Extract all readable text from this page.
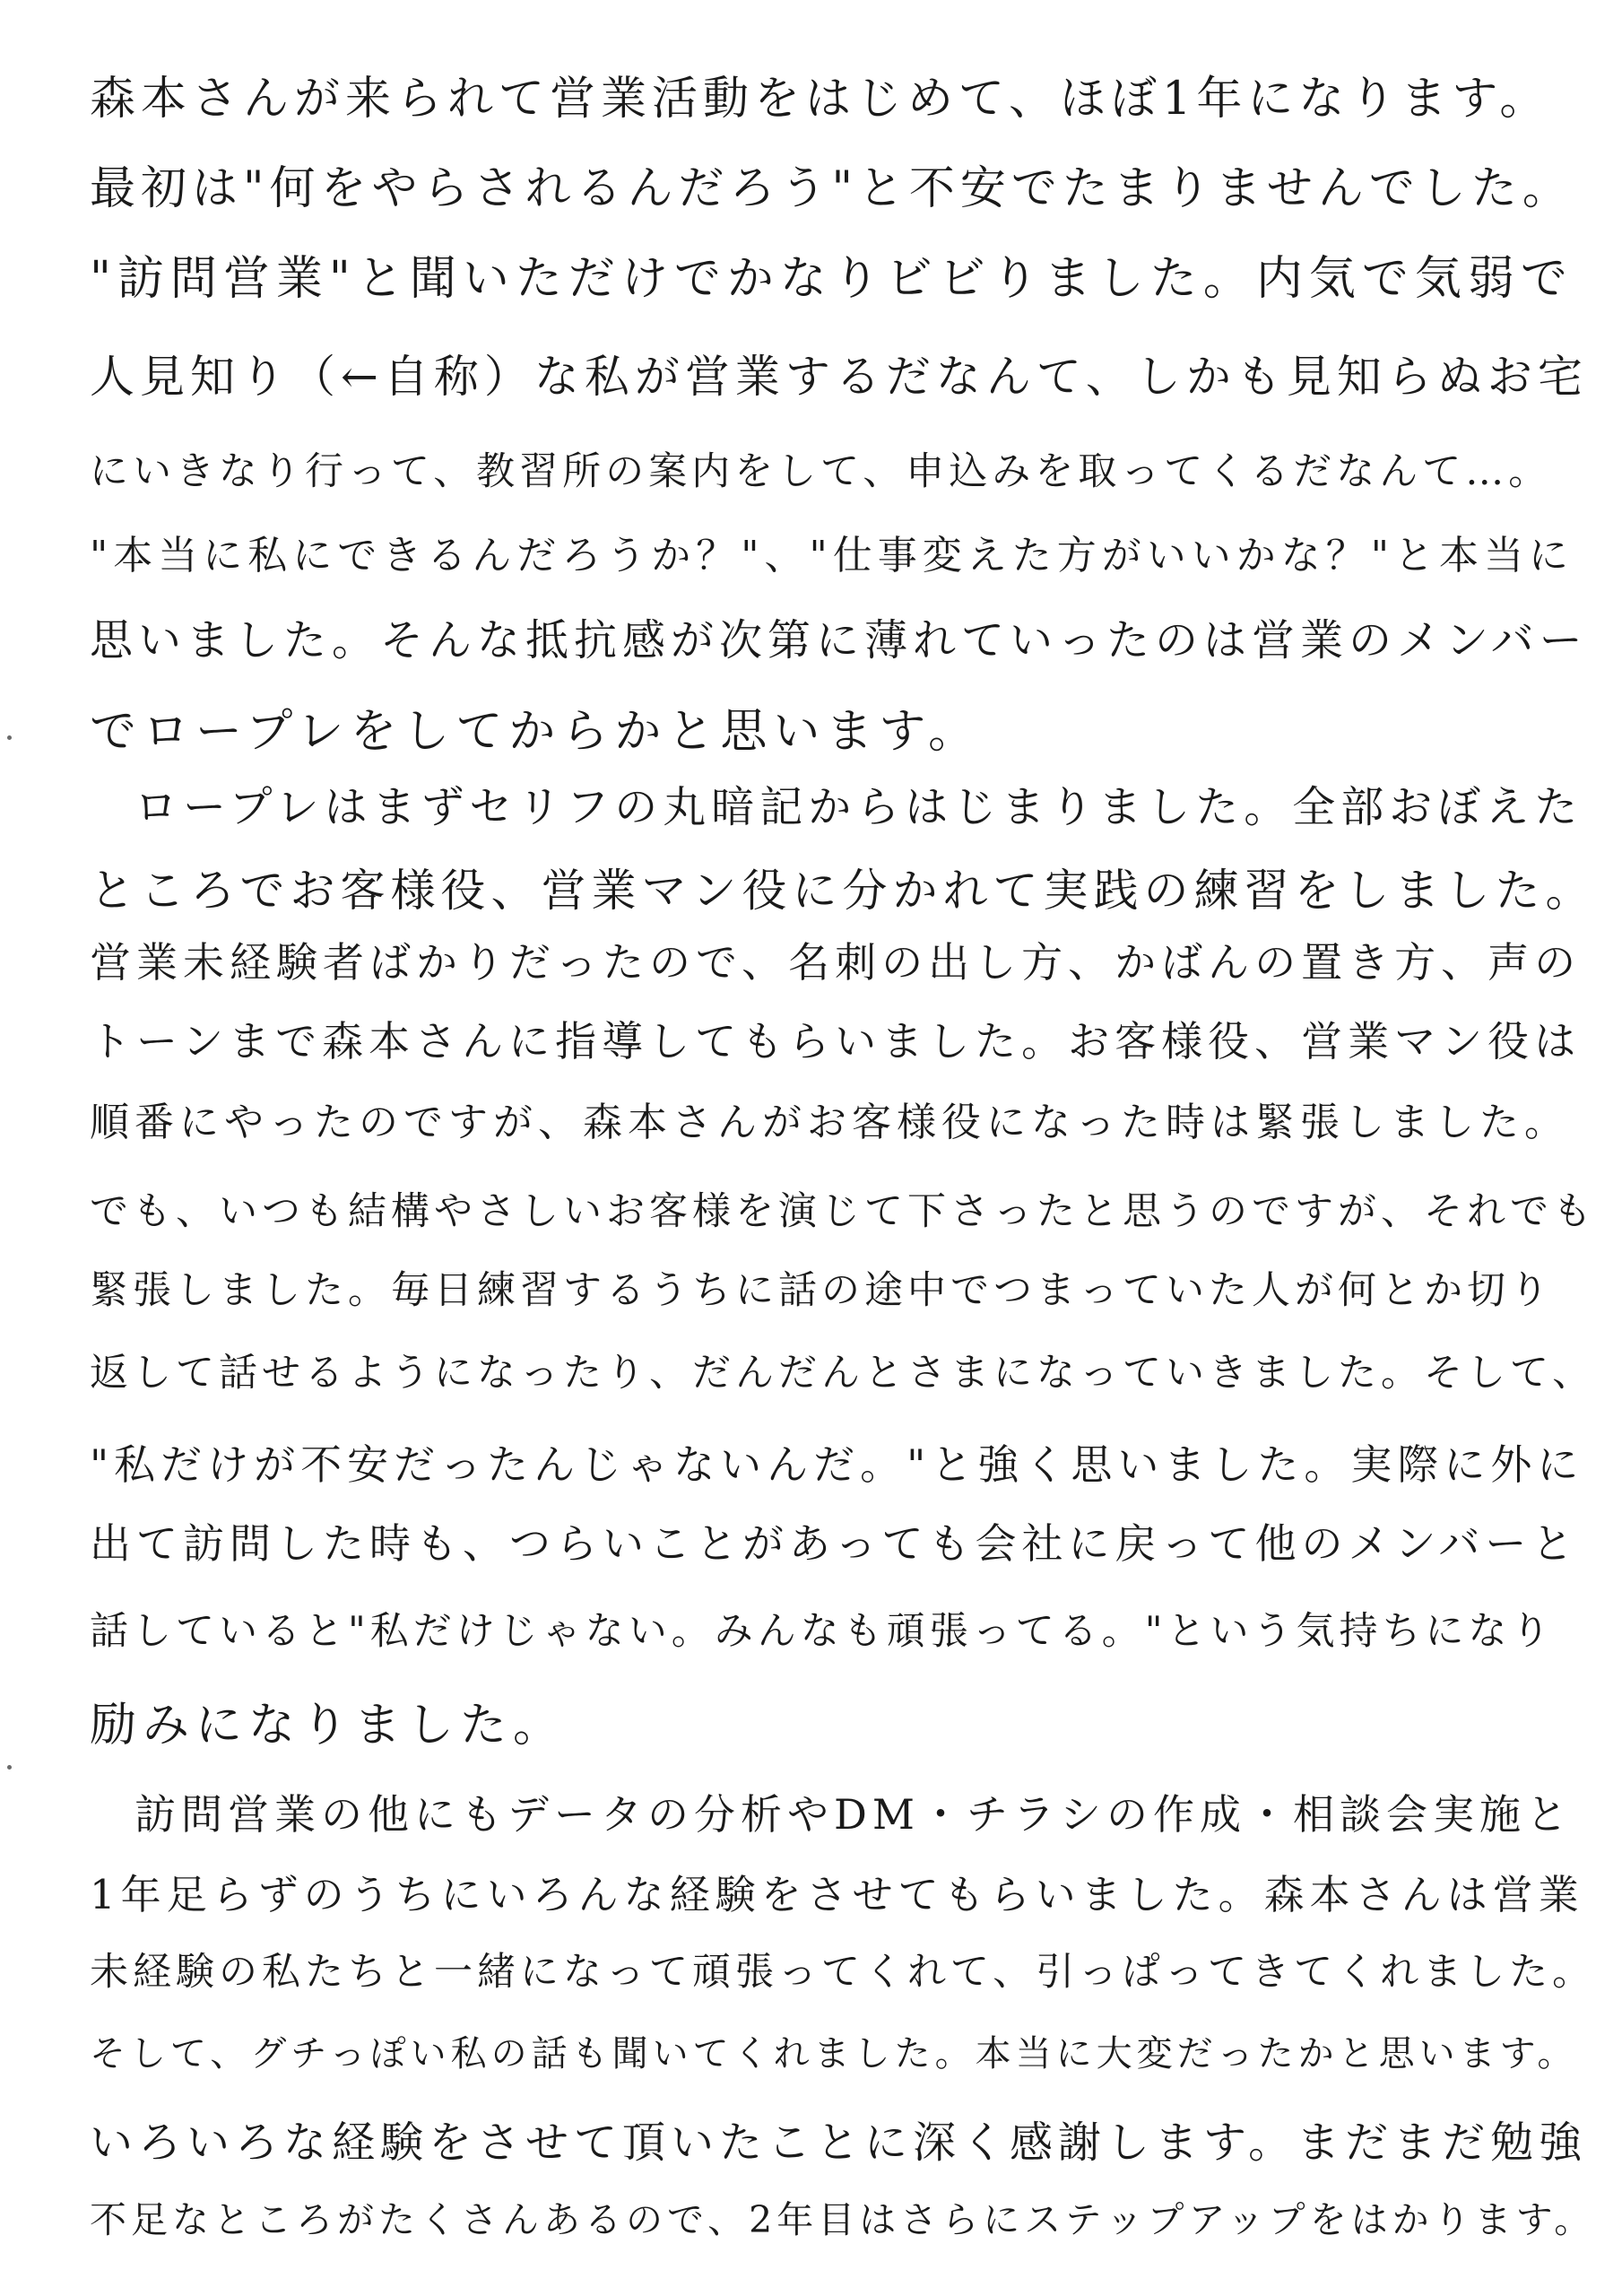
森本さんが来られて営業活動をはじめて、ほぼ1年になります。
最初は"何をやらされるんだろう"と不安でたまりませんでした。
"訪問営業"と聞いただけでかなりビビりました。内気で気弱で
人見知り（←自称）な私が営業するだなんて、しかも見知らぬお宅
にいきなり行って、教習所の案内をして、申込みを取ってくるだなんて…。
"本当に私にできるんだろうか？"、"仕事変えた方がいいかな？"と本当に
思いました。そんな抵抗感が次第に薄れていったのは営業のメンバー
でロープレをしてからかと思います。
ロープレはまずセリフの丸暗記からはじまりました。全部おぼえた
ところでお客様役、営業マン役に分かれて実践の練習をしました。
営業未経験者ばかりだったので、名刺の出し方、かばんの置き方、声の
トーンまで森本さんに指導してもらいました。お客様役、営業マン役は
順番にやったのですが、森本さんがお客様役になった時は緊張しました。
でも、いつも結構やさしいお客様を演じて下さったと思うのですが、それでも
緊張しました。毎日練習するうちに話の途中でつまっていた人が何とか切り
返して話せるようになったり、だんだんとさまになっていきました。そして、
"私だけが不安だったんじゃないんだ。"と強く思いました。実際に外に
出て訪問した時も、つらいことがあっても会社に戻って他のメンバーと
話していると"私だけじゃない。みんなも頑張ってる。"という気持ちになり
励みになりました。
訪問営業の他にもデータの分析やDM・チラシの作成・相談会実施と
1年足らずのうちにいろんな経験をさせてもらいました。森本さんは営業
未経験の私たちと一緒になって頑張ってくれて、引っぱってきてくれました。
そして、グチっぽい私の話も聞いてくれました。本当に大変だったかと思います。
いろいろな経験をさせて頂いたことに深く感謝します。まだまだ勉強
不足なところがたくさんあるので、2年目はさらにステップアップをはかります。
